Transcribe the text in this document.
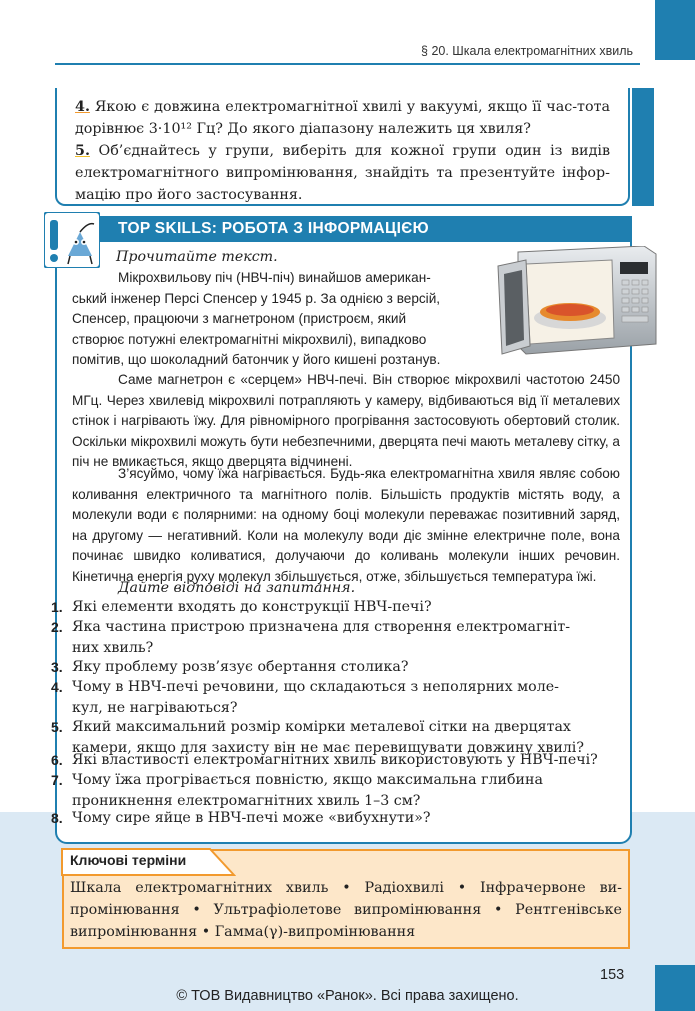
§ 20. Шкала електромагнітних хвиль
4. Якою є довжина електромагнітної хвилі у вакуумі, якщо її час-тота дорівнює 3·10¹² Гц? До якого діапазону належить ця хвиля?
5. Об’єднайтесь у групи, виберіть для кожної групи один із видів електромагнітного випромінювання, знайдіть та презентуйте інфор-мацію про його застосування.
TOP SKILLS: РОБОТА З ІНФОРМАЦІЄЮ
Прочитайте текст.
Мікрохвильову піч (НВЧ-піч) винайшов американ-
ський інженер Персі Спенсер у 1945 р. За однією з версій,
Спенсер, працюючи з магнетроном (пристроєм, який
створює потужні електромагнітні мікрохвилі), випадково
помітив, що шоколадний батончик у його кишені розтанув.
Саме магнетрон є «серцем» НВЧ-печі. Він створює мікрохвилі частотою 2450 МГц. Через хвилевід мікрохвилі потрапляють у камеру, відбиваються від її металевих стінок і нагрівають їжу. Для рівномірного прогрівання застосовують обертовий столик. Оскільки мікрохвилі можуть бути небезпечними, дверцята печі мають металеву сітку, а піч не вмикається, якщо дверцята відчинені.
З’ясуймо, чому їжа нагрівається. Будь-яка електромагнітна хвиля являє собою коливання електричного та магнітного полів. Більшість продуктів містять воду, а молекули води є полярними: на одному боці молекули переважає позитивний заряд, на другому — негативний. Коли на молекулу води діє змінне електричне поле, вона починає швидко коливатися, долучаючи до коливань молекули інших речовин. Кінетична енергія руху молекул збільшується, отже, збільшується температура їжі.
Дайте відповіді на запитання.
1. Які елементи входять до конструкції НВЧ-печі?
2. Яка частина пристрою призначена для створення електромагніт-
них хвиль?
3. Яку проблему розв’язує обертання столика?
4. Чому в НВЧ-печі речовини, що складаються з неполярних моле-
кул, не нагріваються?
5. Який максимальний розмір комірки металевої сітки на дверцятах
камери, якщо для захисту він не має перевищувати довжину хвилі?
6. Які властивості електромагнітних хвиль використовують у НВЧ-печі?
7. Чому їжа прогрівається повністю, якщо максимальна глибина
проникнення електромагнітних хвиль 1–3 см?
8. Чому сире яйце в НВЧ-печі може «вибухнути»?
Ключові терміни
Шкала електромагнітних хвиль • Радіохвилі • Інфрачервоне ви-промінювання • Ультрафіолетове випромінювання • Рентгенівське випромінювання • Гамма(γ)-випромінювання
153
© ТОВ Видавництво «Ранок». Всі права захищено.
